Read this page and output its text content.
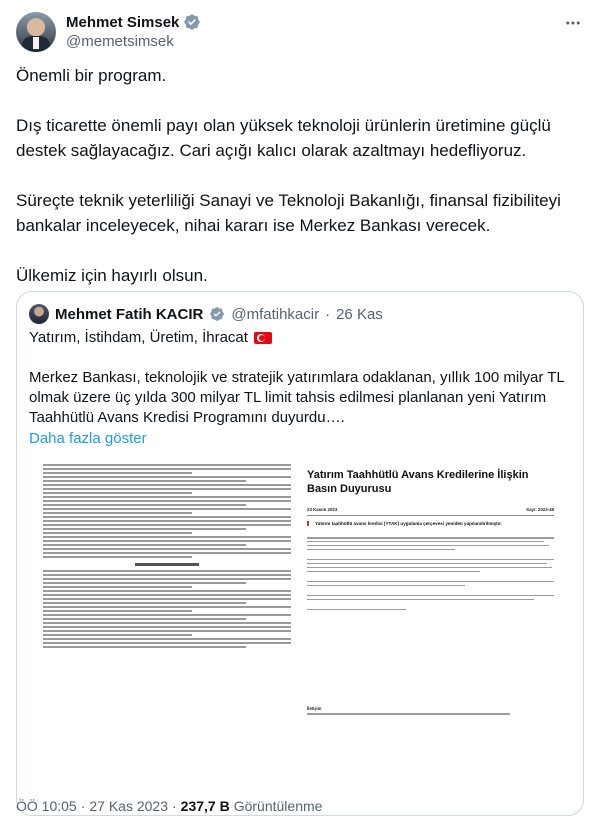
Mehmet Simsek
@memetsimsek

Önemli bir program.

Dış ticarette önemli payı olan yüksek teknoloji ürünlerin üretimine güçlü destek sağlayacağız. Cari açığı kalıcı olarak azaltmayı hedefliyoruz.

Süreçte teknik yeterliliği Sanayi ve Teknoloji Bakanlığı, finansal fizibiliteyi bankalar inceleyecek, nihai kararı ise Merkez Bankası verecek.

Ülkemiz için hayırlı olsun.

Mehmet Fatih KACIR @mfatihkacir · 26 Kas
Yatırım, İstihdam, Üretim, İhracat
Merkez Bankası, teknolojik ve stratejik yatırımlara odaklanan, yıllık 100 milyar TL olmak üzere üç yılda 300 milyar TL limit tahsis edilmesi planlanan yeni Yatırım Taahhütlü Avans Kredisi Programını duyurdu….
Daha fazla göster
Yatırım Taahhütlü Avans Kredilerine İlişkin Basın Duyurusu
23 Kasım 2023	Sayı: 2023-48
Yatırım taahhütlü avans kredisi (YTAK) uygulama çerçevesi yeniden yapılandırılmıştır.
İletişim
ÖÖ 10:05 · 27 Kas 2023 · 237,7 B Görüntülenme
